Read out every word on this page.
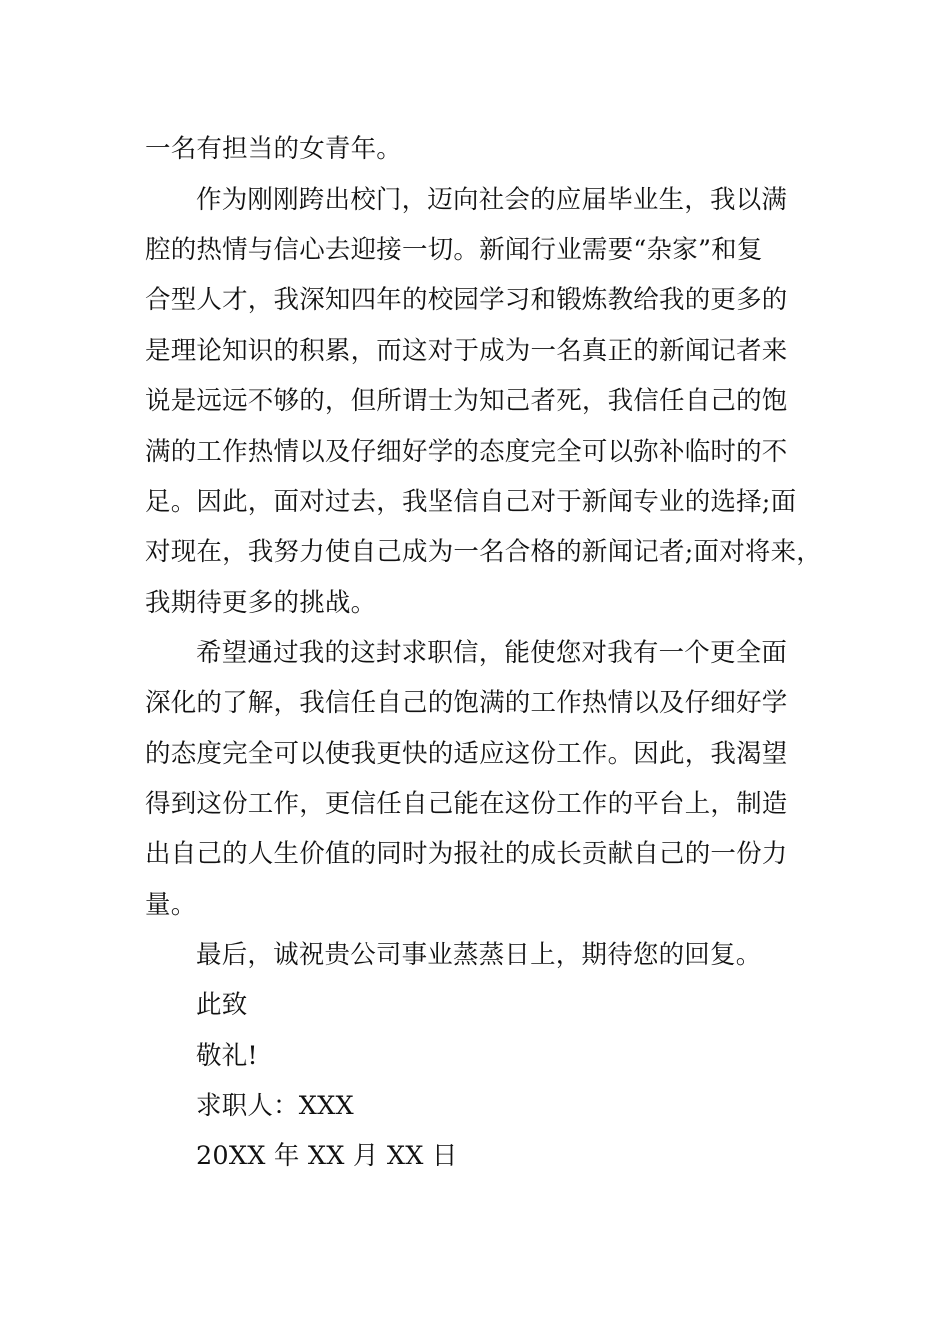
一名有担当的女青年。
作为刚刚跨出校门，迈向社会的应届毕业生，我以满
腔的热情与信心去迎接一切。新闻行业需要“杂家”和复
合型人才，我深知四年的校园学习和锻炼教给我的更多的
是理论知识的积累，而这对于成为一名真正的新闻记者来
说是远远不够的，但所谓士为知己者死，我信任自己的饱
满的工作热情以及仔细好学的态度完全可以弥补临时的不
足。因此，面对过去，我坚信自己对于新闻专业的选择;面
对现在，我努力使自己成为一名合格的新闻记者;面对将来，
我期待更多的挑战。
希望通过我的这封求职信，能使您对我有一个更全面
深化的了解，我信任自己的饱满的工作热情以及仔细好学
的态度完全可以使我更快的适应这份工作。因此，我渴望
得到这份工作，更信任自己能在这份工作的平台上，制造
出自己的人生价值的同时为报社的成长贡献自己的一份力
量。
最后，诚祝贵公司事业蒸蒸日上，期待您的回复。
此致
敬礼!
求职人：XXX
20XX 年 XX 月 XX 日
